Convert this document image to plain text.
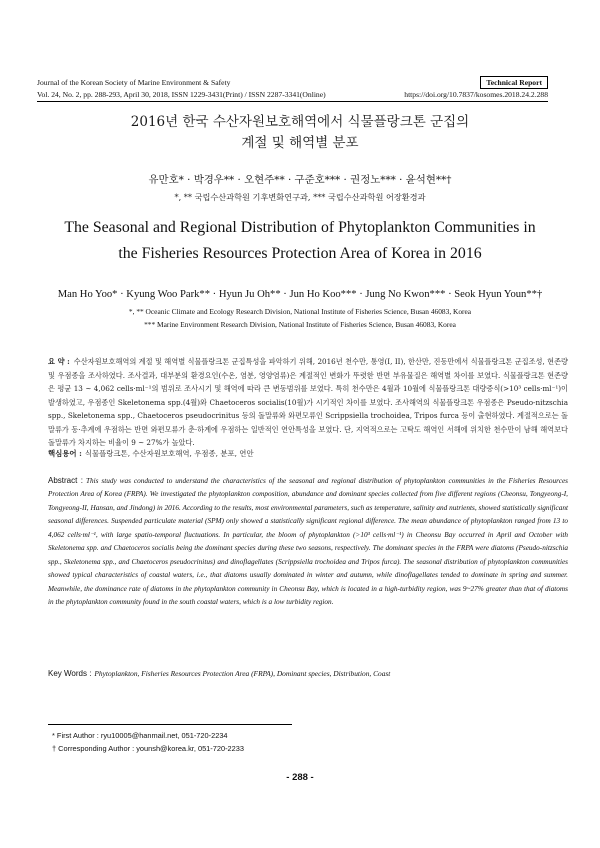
Journal of the Korean Society of Marine Environment & Safety	Technical Report
Vol. 24, No. 2, pp. 288-293, April 30, 2018, ISSN 1229-3431(Print) / ISSN 2287-3341(Online)	https://doi.org/10.7837/kosomes.2018.24.2.288
2016년 한국 수산자원보호해역에서 식물플랑크톤 군집의
계절 및 해역별 분포
유만호* · 박경우** · 오현주** · 구준호*** · 권정노*** · 윤석현**†
*, ** 국립수산과학원 기후변화연구과, *** 국립수산과학원 어장환경과
The Seasonal and Regional Distribution of Phytoplankton Communities in
the Fisheries Resources Protection Area of Korea in 2016
Man Ho Yoo* · Kyung Woo Park** · Hyun Ju Oh** · Jun Ho Koo*** · Jung No Kwon*** · Seok Hyun Youn**†
*, ** Oceanic Climate and Ecology Research Division, National Institute of Fisheries Science, Busan 46083, Korea
*** Marine Environment Research Division, National Institute of Fisheries Science, Busan 46083, Korea
요 약 : 수산자원보호해역의 계절 및 해역별 식물플랑크톤 군집특성을 파악하기 위해, 2016년 천수만, 통영(I, II), 한산만, 진동만에서 식물플랑크톤 군집조성, 현존량 및 우점종을 조사하였다. 조사결과, 대부분의 환경요인(수온, 염분, 영양염류)은 계절적인 변화가 뚜렷한 반면 부유물질은 해역별 차이를 보였다. 식물플랑크톤 현존량은 평균 13 ~ 4,062 cells·ml⁻¹의 범위로 조사시기 및 해역에 따라 큰 변동범위를 보였다. 특히 천수만은 4월과 10월에 식물플랑크톤 대량증식(>10³ cells·ml⁻¹)이 발생하였고, 우점종인 Skeletonema spp.(4월)와 Chaetoceros socialis(10월)가 시기적인 차이를 보였다. 조사해역의 식물플랑크톤 우점종은 Pseudo-nitzschia spp., Skeletonema spp., Chaetoceros pseudocrinitus 등의 돌말류와 와편모류인 Scrippsiella trochoidea, Tripos furca 등이 출현하였다. 계절적으로는 돌말류가 동·추계에 우점하는 반면 와편모류가 춘·하계에 우점하는 일반적인 연안특성을 보였다. 단, 지역적으로는 고탁도 해역인 서해에 위치한 천수만이 남해 해역보다 돌말류가 차지하는 비율이 9 ~ 27%가 높았다.
핵심용어 : 식물플랑크톤, 수산자원보호해역, 우점종, 분포, 연안
Abstract : This study was conducted to understand the characteristics of the seasonal and regional distribution of phytoplankton communities in the Fisheries Resources Protection Area of Korea (FRPA). We investigated the phytoplankton composition, abundance and dominant species collected from five different regions (Cheonsu, Tongyeong-I, Tongyeong-II, Hansan, and Jindong) in 2016. According to the results, most environmental parameters, such as temperature, salinity and nutrients, showed statistically significant seasonal differences. Suspended particulate material (SPM) only showed a statistically significant regional difference. The mean abundance of phytoplankton ranged from 13 to 4,062 cells·ml⁻¹, with large spatio-temporal fluctuations. In particular, the bloom of phytoplankton (>10³ cells·ml⁻¹) in Cheonsu Bay occurred in April and October with Skeletonema spp. and Chaetoceros socialis being the dominant species during these two seasons, respectively. The dominant species in the FRPA were diatoms (Pseudo-nitzschia spp., Skeletonema spp., and Chaetoceros pseudocrinitus) and dinoflagellates (Scrippsiella trochoidea and Tripos furca). The seasonal distribution of phytoplankton communities showed typical characteristics of coastal waters, i.e., that diatoms usually dominated in winter and autumn, while dinoflagellates tended to dominate in spring and summer. Meanwhile, the dominance rate of diatoms in the phytoplankton community in Cheonsu Bay, which is located in a high-turbidity region, was 9~27% greater than that of diatoms in the phytoplankton community found in the south coastal waters, which is a low turbidity region.
Key Words : Phytoplankton, Fisheries Resources Protection Area (FRPA), Dominant species, Distribution, Coast
* First Author : ryu10005@hanmail.net, 051-720-2234
† Corresponding Author : younsh@korea.kr, 051-720-2233
- 288 -
